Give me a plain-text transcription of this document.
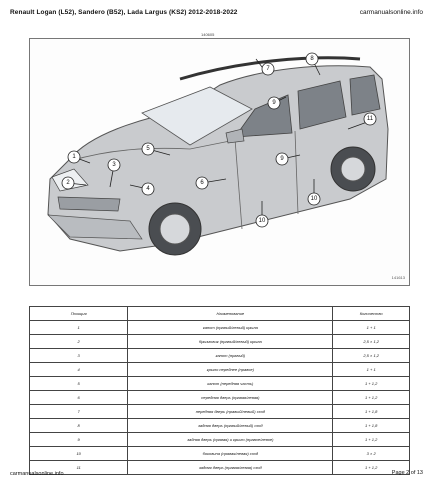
Renault Logan (L52), Sandero (B52), Lada Largus (KS2) 2012-2018-2022	carmanualsonline.info
140605
1
2
3
4
5
6
7
8
9
9
10
10
11
141613
Позиция	Наименование	Количество
1	капот (правый/левый) крыла	1 + 1
2	брызговик (правый/левый) крыла	2,5 × 1,2
3	капот (правый)	2,5 × 1,2
4	крыло переднее (правое)	1 + 1
5	капот (передняя часть)	1 + 1,2
6	передняя дверь (правая/левая)	1 + 1,2
7	передняя дверь (правый/левый) сход	1 + 1,8
8	задняя дверь (правый/левый) сход	1 + 1,8
9	задняя дверь (правая) и крыло (правое/левое)	1 + 1,2
10	боковина (правая/левая) сход	3 × 2
11	задняя дверь (правая/левая) сход	1 + 1,2
carmanualsonline.info	Page 2 of 13
